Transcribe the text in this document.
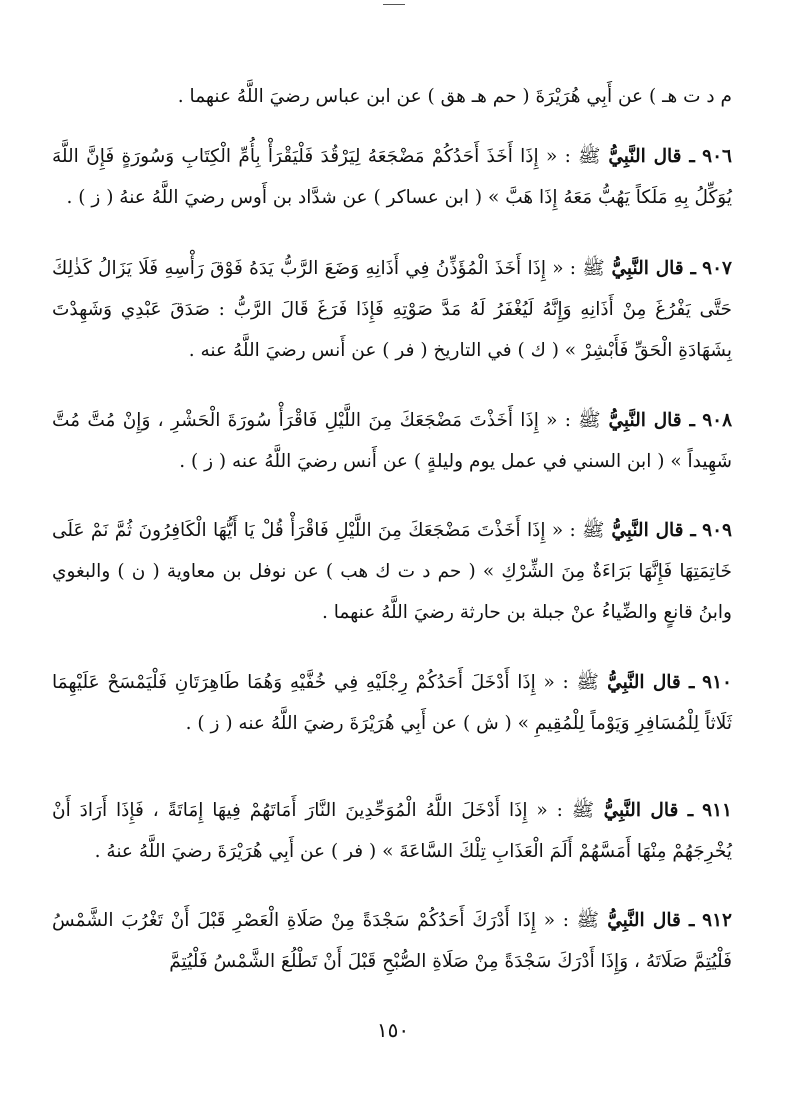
م د ت هـ ) عن أَبِي هُرَيْرَةَ ( حم هـ هق ) عن ابن عباس رضيَ اللَّهُ عنهما .

٩٠٦ ـ قال النَّبِيُّ ﷺ : « إِذَا أَخَذَ أَحَدُكُمْ مَضْجَعَهُ لِيَرْقُدَ فَلْيَقْرَأْ بِأُمِّ الْكِتَابِ وَسُورَةٍ فَإِنَّ اللَّهَ يُوَكِّلُ بِهِ مَلَكاً يَهُبُّ مَعَهُ إِذَا هَبَّ » ( ابن عساكر ) عن شدَّاد بن أَوس رضيَ اللَّهُ عنهُ ( ز ) .

٩٠٧ ـ قال النَّبِيُّ ﷺ : « إِذَا أَخَذَ الْمُؤَذِّنُ فِي أَذَانِهِ وَضَعَ الرَّبُّ يَدَهُ فَوْقَ رَأْسِهِ فَلَا يَزَالُ كَذٰلِكَ حَتَّى يَفْرُغَ مِنْ أَذَانِهِ وَإِنَّهُ لَيُغْفَرُ لَهُ مَدَّ صَوْتِهِ فَإِذَا فَرَغَ قَالَ الرَّبُّ : صَدَقَ عَبْدِي وَشَهِدْتَ بِشَهَادَةِ الْحَقِّ فَأَبْشِرْ » ( ك ) في التاريخ ( فر ) عن أَنس رضيَ اللَّهُ عنه .

٩٠٨ ـ قال النَّبِيُّ ﷺ : « إِذَا أَخَذْتَ مَضْجَعَكَ مِنَ اللَّيْلِ فَاقْرَأْ سُورَةَ الْحَشْرِ ، وَإِنْ مُتَّ مُتَّ شَهِيداً » ( ابن السني في عمل يوم وليلةٍ ) عن أَنس رضيَ اللَّهُ عنه ( ز ) .

٩٠٩ ـ قال النَّبِيُّ ﷺ : « إِذَا أَخَذْتَ مَضْجَعَكَ مِنَ اللَّيْلِ فَاقْرَأْ قُلْ يَا أَيُّهَا الْكَافِرُونَ ثُمَّ نَمْ عَلَى خَاتِمَتِهَا فَإِنَّهَا بَرَاءَةٌ مِنَ الشِّرْكِ » ( حم د ت ك هب ) عن نوفل بن معاوية ( ن ) والبغوي وابنُ قانعٍ والضِّياءُ عنْ جبلة بن حارثة رضيَ اللَّهُ عنهما .

٩١٠ ـ قال النَّبِيُّ ﷺ : « إِذَا أَدْخَلَ أَحَدُكُمْ رِجْلَيْهِ فِي خُفَّيْهِ وَهُمَا طَاهِرَتَانِ فَلْيَمْسَحْ عَلَيْهِمَا ثَلَاثاً لِلْمُسَافِرِ وَيَوْماً لِلْمُقِيمِ » ( ش ) عن أَبِي هُرَيْرَةَ رضيَ اللَّهُ عنه ( ز ) .

٩١١ ـ قال النَّبِيُّ ﷺ : « إِذَا أَدْخَلَ اللَّهُ الْمُوَحِّدِينَ النَّارَ أَمَاتَهُمْ فِيهَا إِمَاتَةً ، فَإِذَا أَرَادَ أَنْ يُخْرِجَهُمْ مِنْهَا أَمَسَّهُمْ أَلَمَ الْعَذَابِ تِلْكَ السَّاعَةَ » ( فر ) عن أَبِي هُرَيْرَةَ رضيَ اللَّهُ عنهُ .

٩١٢ ـ قال النَّبِيُّ ﷺ : « إِذَا أَدْرَكَ أَحَدُكُمْ سَجْدَةً مِنْ صَلَاةِ الْعَصْرِ قَبْلَ أَنْ تَغْرُبَ الشَّمْسُ فَلْيُتِمَّ صَلَاتَهُ ، وَإِذَا أَدْرَكَ سَجْدَةً مِنْ صَلَاةِ الصُّبْحِ قَبْلَ أَنْ تَطْلُعَ الشَّمْسُ فَلْيُتِمَّ

١٥٠
